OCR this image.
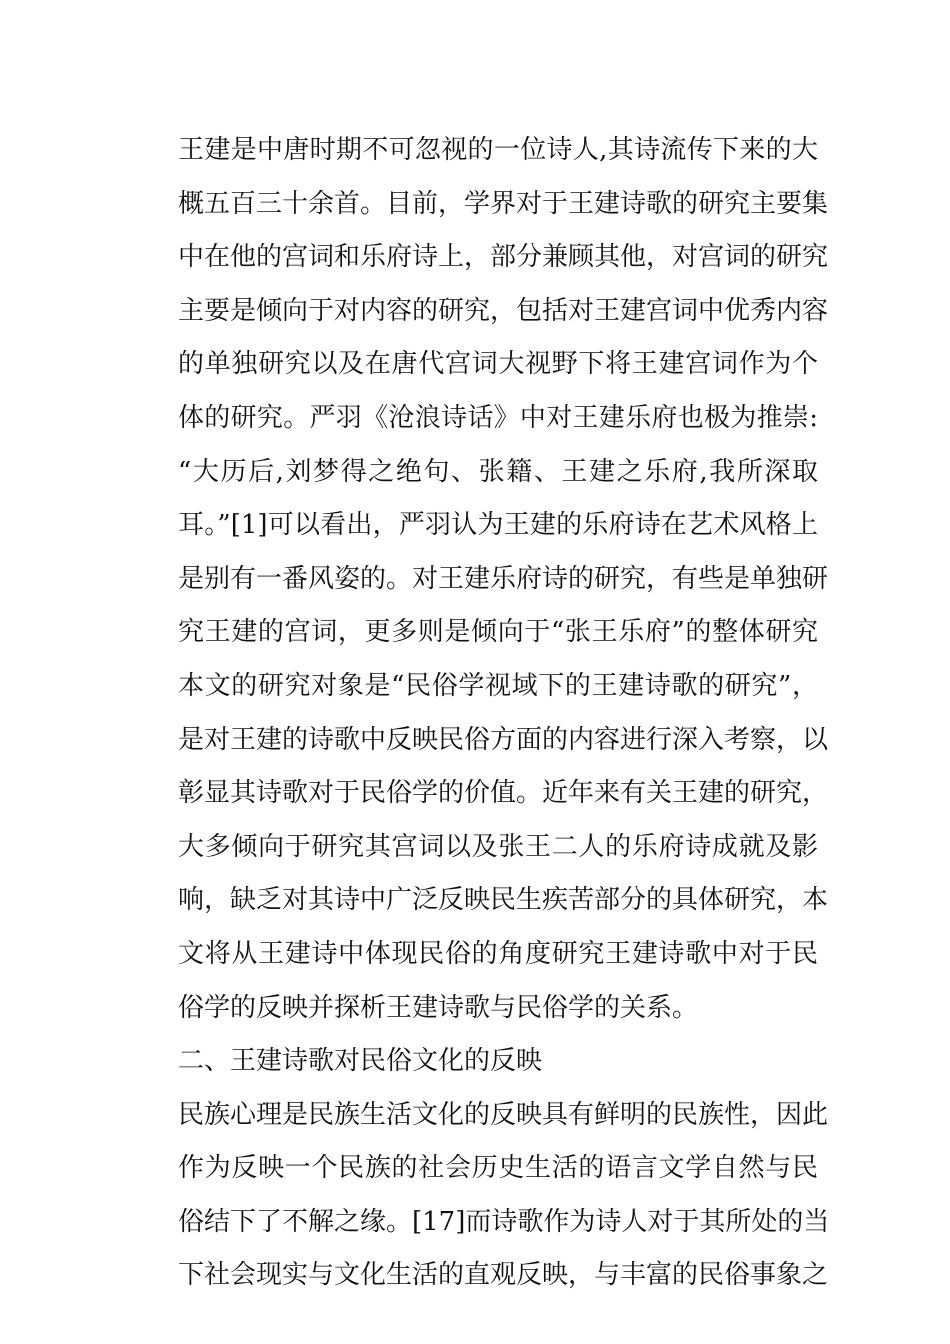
王建是中唐时期不可忽视的一位诗人,其诗流传下来的大
概五百三十余首。目前，学界对于王建诗歌的研究主要集
中在他的宫词和乐府诗上，部分兼顾其他，对宫词的研究
主要是倾向于对内容的研究，包括对王建宫词中优秀内容
的单独研究以及在唐代宫词大视野下将王建宫词作为个
体的研究。严羽《沧浪诗话》中对王建乐府也极为推崇:
“大历后,刘梦得之绝句、张籍、王建之乐府,我所深取
耳。”[1]可以看出，严羽认为王建的乐府诗在艺术风格上
是别有一番风姿的。对王建乐府诗的研究，有些是单独研
究王建的宫词，更多则是倾向于“张王乐府”的整体研究
本文的研究对象是“民俗学视域下的王建诗歌的研究”，
是对王建的诗歌中反映民俗方面的内容进行深入考察，以
彰显其诗歌对于民俗学的价值。近年来有关王建的研究，
大多倾向于研究其宫词以及张王二人的乐府诗成就及影
响，缺乏对其诗中广泛反映民生疾苦部分的具体研究，本
文将从王建诗中体现民俗的角度研究王建诗歌中对于民
俗学的反映并探析王建诗歌与民俗学的关系。
二、王建诗歌对民俗文化的反映
民族心理是民族生活文化的反映具有鲜明的民族性，因此
作为反映一个民族的社会历史生活的语言文学自然与民
俗结下了不解之缘。[17]而诗歌作为诗人对于其所处的当
下社会现实与文化生活的直观反映，与丰富的民俗事象之
